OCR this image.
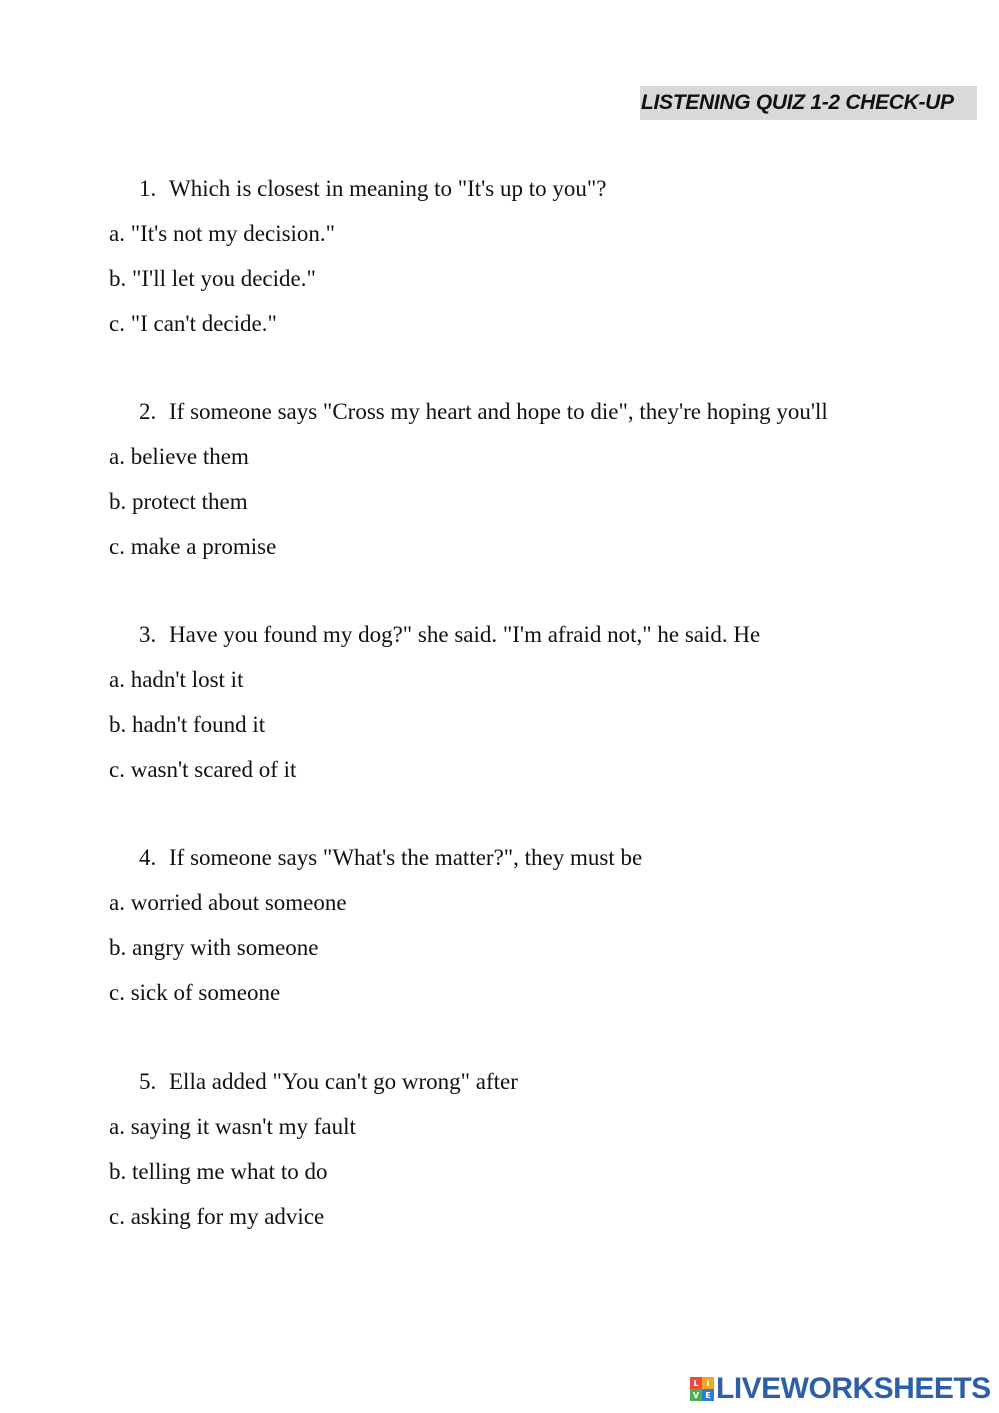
LISTENING QUIZ 1-2 CHECK-UP
1. Which is closest in meaning to "It's up to you"?
a. "It's not my decision."
b. "I'll let you decide."
c. "I can't decide."
2. If someone says "Cross my heart and hope to die", they're hoping you'll
a. believe them
b. protect them
c. make a promise
3. Have you found my dog?" she said. "I'm afraid not," he said. He
a. hadn't lost it
b. hadn't found it
c. wasn't scared of it
4. If someone says "What's the matter?", they must be
a. worried about someone
b. angry with someone
c. sick of someone
5. Ella added "You can't go wrong" after
a. saying it wasn't my fault
b. telling me what to do
c. asking for my advice
L I
V E LIVEWORKSHEETS
